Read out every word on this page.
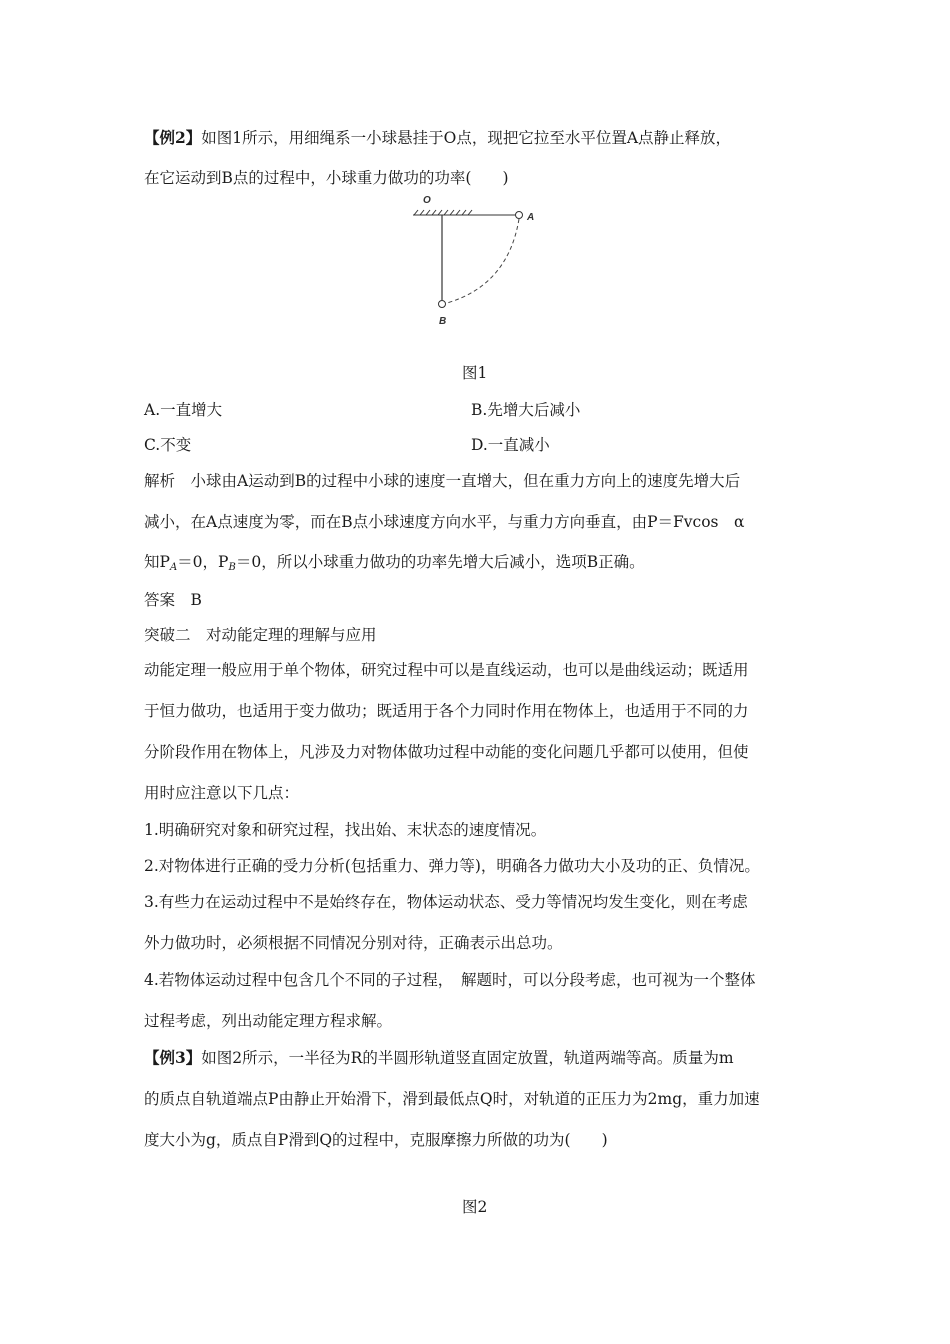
【例2】如图1所示，用细绳系一小球悬挂于O点，现把它拉至水平位置A点静止释放，
在它运动到B点的过程中，小球重力做功的功率(　　)
O
A
B
图1
A.一直增大	B.先增大后减小
C.不变	D.一直减小
解析　小球由A运动到B的过程中小球的速度一直增大，但在重力方向上的速度先增大后
减小，在A点速度为零，而在B点小球速度方向水平，与重力方向垂直，由P＝Fvcos　α
知$P_A=0$，$P_B=0$，所以小球重力做功的功率先增大后减小，选项B正确。
答案　B
突破二　对动能定理的理解与应用
动能定理一般应用于单个物体，研究过程中可以是直线运动，也可以是曲线运动；既适用
于恒力做功，也适用于变力做功；既适用于各个力同时作用在物体上，也适用于不同的力
分阶段作用在物体上，凡涉及力对物体做功过程中动能的变化问题几乎都可以使用，但使
用时应注意以下几点：
1.明确研究对象和研究过程，找出始、末状态的速度情况。
2.对物体进行正确的受力分析(包括重力、弹力等)，明确各力做功大小及功的正、负情况。
3.有些力在运动过程中不是始终存在，物体运动状态、受力等情况均发生变化，则在考虑
外力做功时，必须根据不同情况分别对待，正确表示出总功。
4.若物体运动过程中包含几个不同的子过程，　解题时，可以分段考虑，也可视为一个整体
过程考虑，列出动能定理方程求解。
【例3】如图2所示，一半径为R的半圆形轨道竖直固定放置，轨道两端等高。质量为m
的质点自轨道端点P由静止开始滑下，滑到最低点Q时，对轨道的正压力为2mg，重力加速
度大小为g，质点自P滑到Q的过程中，克服摩擦力所做的功为(　　)
图2
